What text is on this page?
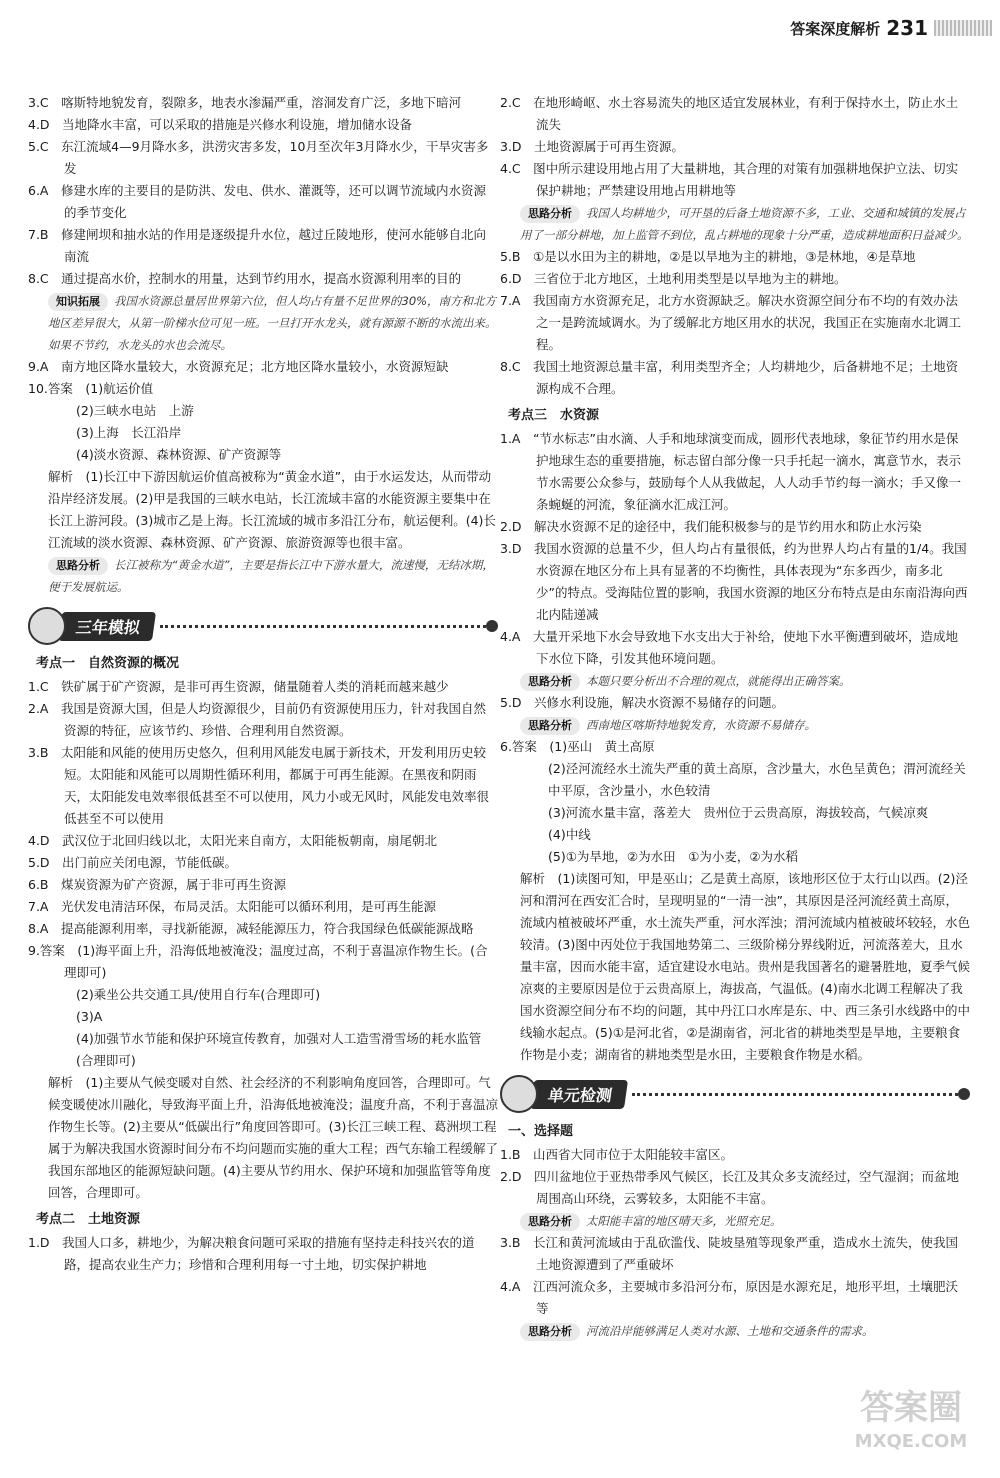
答案深度解析 231

3.C　喀斯特地貌发育，裂隙多，地表水渗漏严重，溶洞发育广泛，多地下暗河

4.D　当地降水丰富，可以采取的措施是兴修水利设施，增加储水设备

5.C　东江流域4—9月降水多，洪涝灾害多发，10月至次年3月降水少，干旱灾害多发

6.A　修建水库的主要目的是防洪、发电、供水、灌溉等，还可以调节流域内水资源的季节变化

7.B　修建闸坝和抽水站的作用是逐级提升水位，越过丘陵地形，使河水能够自北向南流

8.C　通过提高水价，控制水的用量，达到节约用水，提高水资源利用率的目的

知识拓展 我国水资源总量居世界第六位，但人均占有量不足世界的30%，南方和北方地区差异很大，从第一阶梯水位可见一班。一旦打开水龙头，就有源源不断的水流出来。如果不节约，水龙头的水也会流尽。

9.A　南方地区降水量较大，水资源充足；北方地区降水量较小，水资源短缺

10.答案　(1)航运价值

(2)三峡水电站　上游
(3)上海　长江沿岸
(4)淡水资源、森林资源、矿产资源等
解析　(1)长江中下游因航运价值高被称为“黄金水道”，由于水运发达，从而带动沿岸经济发展。(2)甲是我国的三峡水电站，长江流域丰富的水能资源主要集中在长江上游河段。(3)城市乙是上海。长江流域的城市多沿江分布，航运便利。(4)长江流域的淡水资源、森林资源、矿产资源、旅游资源等也很丰富。
思路分析 长江被称为“黄金水道”，主要是指长江中下游水量大，流速慢，无结冰期，便于发展航运。
三年模拟
考点一　自然资源的概况

1.C　铁矿属于矿产资源，是非可再生资源，储量随着人类的消耗而越来越少

2.A　我国是资源大国，但是人均资源很少，目前仍有资源使用压力，针对我国自然资源的特征，应该节约、珍惜、合理利用自然资源。

3.B　太阳能和风能的使用历史悠久，但利用风能发电属于新技术，开发利用历史较短。太阳能和风能可以周期性循环利用，都属于可再生能源。在黑夜和阴雨天，太阳能发电效率很低甚至不可以使用，风力小或无风时，风能发电效率很低甚至不可以使用

4.D　武汉位于北回归线以北，太阳光来自南方，太阳能板朝南，扇尾朝北

5.D　出门前应关闭电源，节能低碳。

6.B　煤炭资源为矿产资源，属于非可再生资源

7.A　光伏发电清洁环保，布局灵活。太阳能可以循环利用，是可再生能源

8.A　提高能源利用率，寻找新能源，减轻能源压力，符合我国绿色低碳能源战略

9.答案　(1)海平面上升，沿海低地被淹没；温度过高，不利于喜温凉作物生长。(合理即可)

(2)乘坐公共交通工具/使用自行车(合理即可)
(3)A
(4)加强节水节能和保护环境宣传教育，加强对人工造雪滑雪场的耗水监管　(合理即可)
解析　(1)主要从气候变暖对自然、社会经济的不利影响角度回答，合理即可。气候变暖使冰川融化，导致海平面上升，沿海低地被淹没；温度升高，不利于喜温凉作物生长等。(2)主要从“低碳出行”角度回答即可。(3)长江三峡工程、葛洲坝工程属于为解决我国水资源时间分布不均问题而实施的重大工程；西气东输工程缓解了我国东部地区的能源短缺问题。(4)主要从节约用水、保护环境和加强监管等角度回答，合理即可。
考点二　土地资源

1.D　我国人口多，耕地少，为解决粮食问题可采取的措施有坚持走科技兴农的道路，提高农业生产力；珍惜和合理利用每一寸土地，切实保护耕地

2.C　在地形崎岖、水土容易流失的地区适宜发展林业，有利于保持水土，防止水土流失

3.D　土地资源属于可再生资源。

4.C　图中所示建设用地占用了大量耕地，其合理的对策有加强耕地保护立法、切实保护耕地；严禁建设用地占用耕地等

思路分析 我国人均耕地少，可开垦的后备土地资源不多，工业、交通和城镇的发展占用了一部分耕地，加上监管不到位，乱占耕地的现象十分严重，造成耕地面积日益减少。

5.B　①是以水田为主的耕地，②是以旱地为主的耕地，③是林地，④是草地

6.D　三省位于北方地区，土地利用类型是以旱地为主的耕地。

7.A　我国南方水资源充足，北方水资源缺乏。解决水资源空间分布不均的有效办法之一是跨流域调水。为了缓解北方地区用水的状况，我国正在实施南水北调工程。

8.C　我国土地资源总量丰富，利用类型齐全；人均耕地少，后备耕地不足；土地资源构成不合理。

考点三　水资源

1.A　“节水标志”由水滴、人手和地球演变而成，圆形代表地球，象征节约用水是保护地球生态的重要措施，标志留白部分像一只手托起一滴水，寓意节水，表示节水需要公众参与，鼓励每个人从我做起，人人动手节约每一滴水；手又像一条蜿蜒的河流，象征滴水汇成江河。

2.D　解决水资源不足的途径中，我们能积极参与的是节约用水和防止水污染

3.D　我国水资源的总量不少，但人均占有量很低，约为世界人均占有量的1/4。我国水资源在地区分布上具有显著的不均衡性，具体表现为“东多西少，南多北少”的特点。受海陆位置的影响，我国水资源的地区分布特点是由东南沿海向西北内陆递减

4.A　大量开采地下水会导致地下水支出大于补给，使地下水平衡遭到破坏，造成地下水位下降，引发其他环境问题。

思路分析 本题只要分析出不合理的观点，就能得出正确答案。

5.D　兴修水利设施，解决水资源不易储存的问题。

思路分析 西南地区喀斯特地貌发育，水资源不易储存。

6.答案　(1)巫山　黄土高原

(2)泾河流经水土流失严重的黄土高原，含沙量大，水色呈黄色；渭河流经关中平原，含沙量小，水色较清
(3)河流水量丰富，落差大　贵州位于云贵高原，海拔较高，气候凉爽
(4)中线
(5)①为旱地，②为水田　①为小麦，②为水稻
解析　(1)读图可知，甲是巫山；乙是黄土高原，该地形区位于太行山以西。(2)泾河和渭河在西安汇合时，呈现明显的“一清一浊”，其原因是泾河流经黄土高原，流域内植被破坏严重，水土流失严重，河水浑浊；渭河流域内植被破坏较轻，水色较清。(3)图中丙处位于我国地势第二、三级阶梯分界线附近，河流落差大，且水量丰富，因而水能丰富，适宜建设水电站。贵州是我国著名的避暑胜地，夏季气候凉爽的主要原因是位于云贵高原上，海拔高，气温低。(4)南水北调工程解决了我国水资源空间分布不均的问题，其中丹江口水库是东、中、西三条引水线路中的中线输水起点。(5)①是河北省，②是湖南省，河北省的耕地类型是旱地，主要粮食作物是小麦；湖南省的耕地类型是水田，主要粮食作物是水稻。
单元检测
一、选择题

1.B　山西省大同市位于太阳能较丰富区。

2.D　四川盆地位于亚热带季风气候区，长江及其众多支流经过，空气湿润；而盆地周围高山环绕，云雾较多，太阳能不丰富。

思路分析 太阳能丰富的地区晴天多，光照充足。

3.B　长江和黄河流域由于乱砍滥伐、陡坡垦殖等现象严重，造成水土流失，使我国土地资源遭到了严重破坏

4.A　江西河流众多，主要城市多沿河分布，原因是水源充足，地形平坦，土壤肥沃等

思路分析 河流沿岸能够满足人类对水源、土地和交通条件的需求。
答案圈
MXQE.COM
